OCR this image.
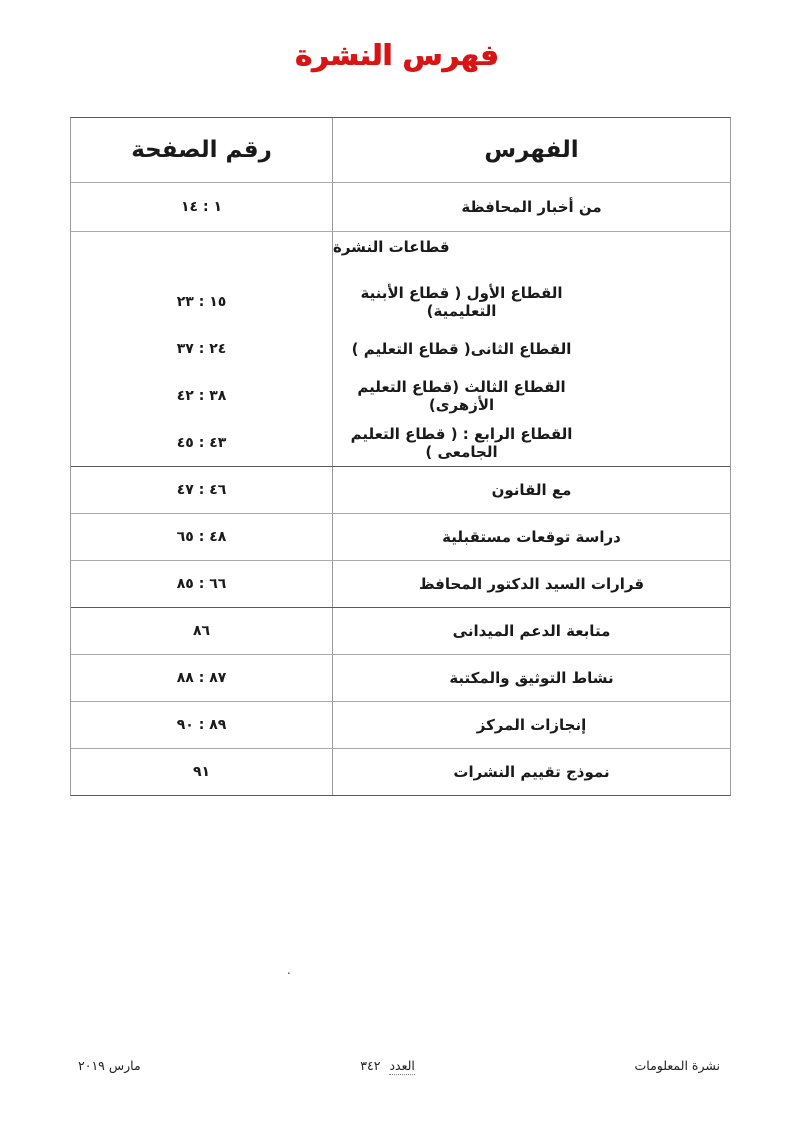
فهرس النشرة
الفهرس
رقم الصفحة
من أخبار المحافظة
١ : ١٤
قطاعات النشرة
القطاع الأول ( قطاع الأبنية التعليمية)
١٥ : ٢٣
القطاع الثانى( قطاع التعليم )
٢٤ : ٣٧
القطاع الثالث (قطاع التعليم الأزهرى)
٣٨ : ٤٢
القطاع الرابع : ( قطاع التعليم الجامعى )
٤٣ : ٤٥
مع القانون
٤٦ : ٤٧
دراسة توقعات مستقبلية
٤٨ : ٦٥
قرارات السيد الدكتور المحافظ
٦٦ : ٨٥
متابعة الدعم الميدانى
٨٦
نشاط التوثيق والمكتبة
٨٧ : ٨٨
إنجازات المركز
٨٩ : ٩٠
نموذج تقييم النشرات
٩١
.
نشرة المعلومات
العدد ٣٤٢
مارس ٢٠١٩
